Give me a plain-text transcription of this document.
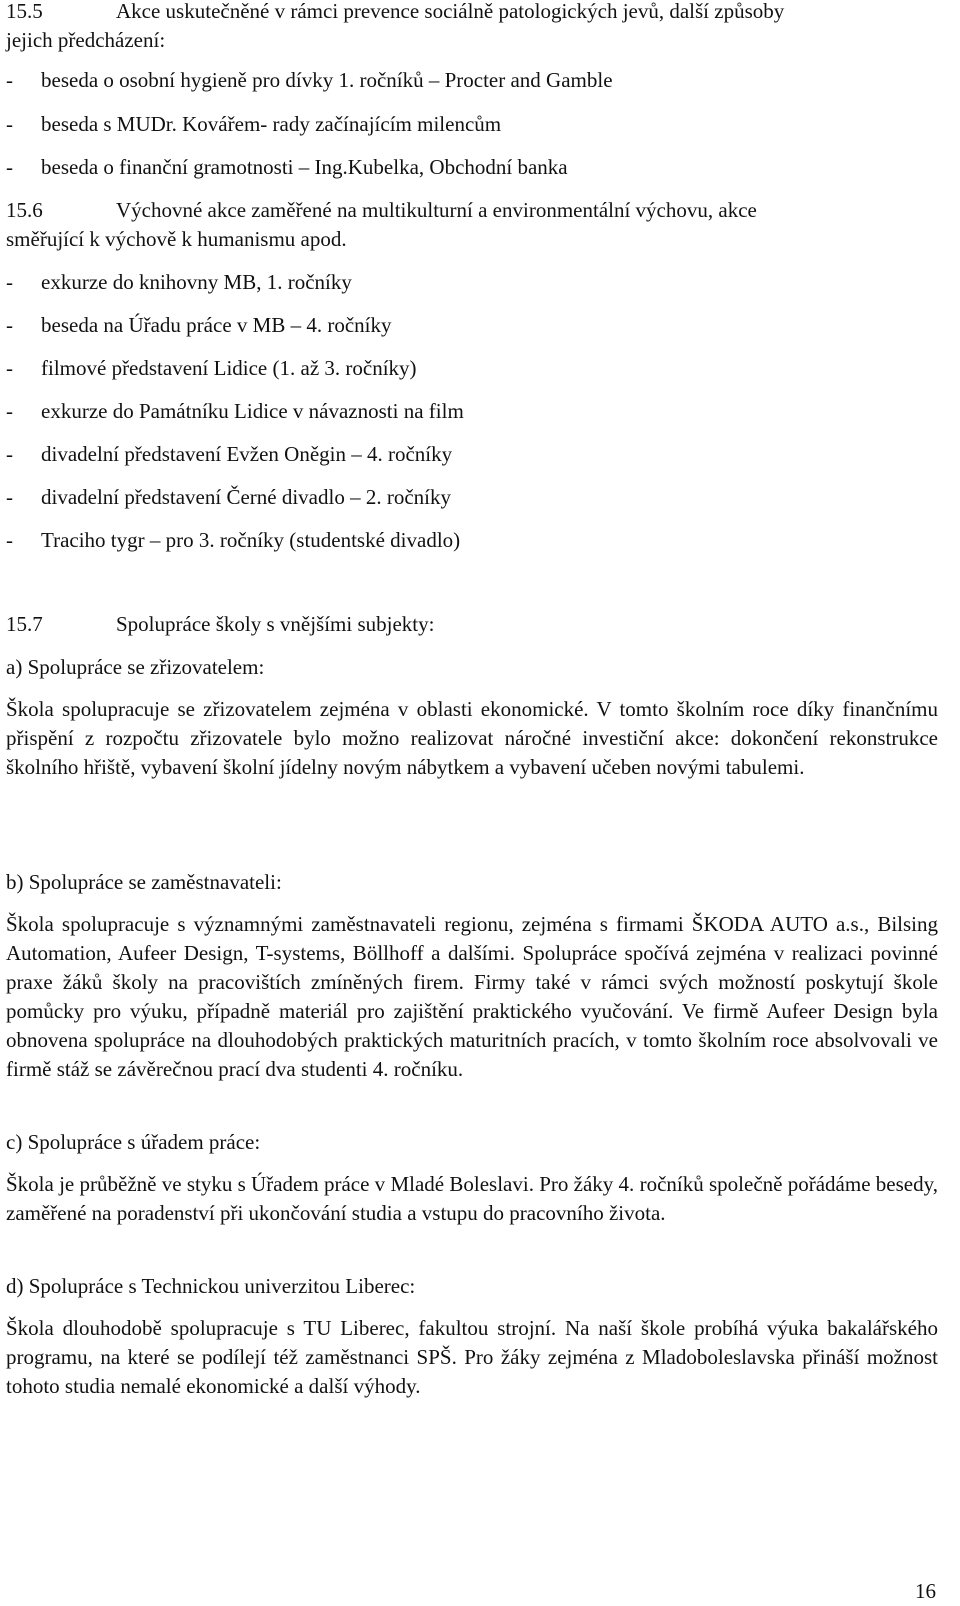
15.5	Akce uskutečněné v rámci prevence sociálně patologických jevů, další způsoby

jejich předcházení:

-	beseda o osobní hygieně pro dívky 1. ročníků – Procter and Gamble
-	beseda s MUDr. Kovářem- rady začínajícím milencům
-	beseda o finanční gramotnosti – Ing.Kubelka, Obchodní banka
15.6	Výchovné akce zaměřené na multikulturní a environmentální výchovu, akce

směřující k výchově k humanismu apod.

-	exkurze do knihovny MB, 1. ročníky
-	beseda na Úřadu práce v MB – 4. ročníky
-	filmové představení Lidice (1. až 3. ročníky)
-	exkurze do Památníku Lidice v návaznosti na film
-	divadelní představení Evžen Oněgin – 4. ročníky
-	divadelní představení Černé divadlo – 2. ročníky
-	Traciho tygr – pro 3. ročníky (studentské divadlo)
15.7	Spolupráce školy s vnějšími subjekty:
a) Spolupráce se zřizovatelem:

Škola spolupracuje se zřizovatelem zejména v oblasti ekonomické. V tomto školním roce díky finančnímu přispění z rozpočtu zřizovatele bylo možno realizovat náročné investiční akce: dokončení rekonstrukce školního hřiště, vybavení školní jídelny novým nábytkem a vybavení učeben novými tabulemi.

b) Spolupráce se zaměstnavateli:

Škola spolupracuje s významnými zaměstnavateli regionu, zejména s firmami ŠKODA AUTO a.s., Bilsing Automation, Aufeer Design, T-systems, Böllhoff a dalšími. Spolupráce spočívá zejména v realizaci povinné praxe žáků školy na pracovištích zmíněných firem. Firmy také v rámci svých možností poskytují škole pomůcky pro výuku, případně materiál pro zajištění praktického vyučování. Ve firmě Aufeer Design byla obnovena spolupráce na dlouhodobých praktických maturitních pracích, v tomto školním roce absolvovali ve firmě stáž se závěrečnou prací dva studenti 4. ročníku.

c) Spolupráce s úřadem práce:

Škola je průběžně ve styku s Úřadem práce v Mladé Boleslavi. Pro žáky 4. ročníků společně pořádáme besedy, zaměřené na poradenství při ukončování studia a vstupu do pracovního života.

d) Spolupráce s Technickou univerzitou Liberec:

Škola dlouhodobě spolupracuje s TU Liberec, fakultou strojní. Na naší škole probíhá výuka bakalářského programu, na které se podílejí též zaměstnanci SPŠ. Pro žáky zejména z Mladoboleslavska přináší možnost tohoto studia nemalé ekonomické a další výhody.

16
